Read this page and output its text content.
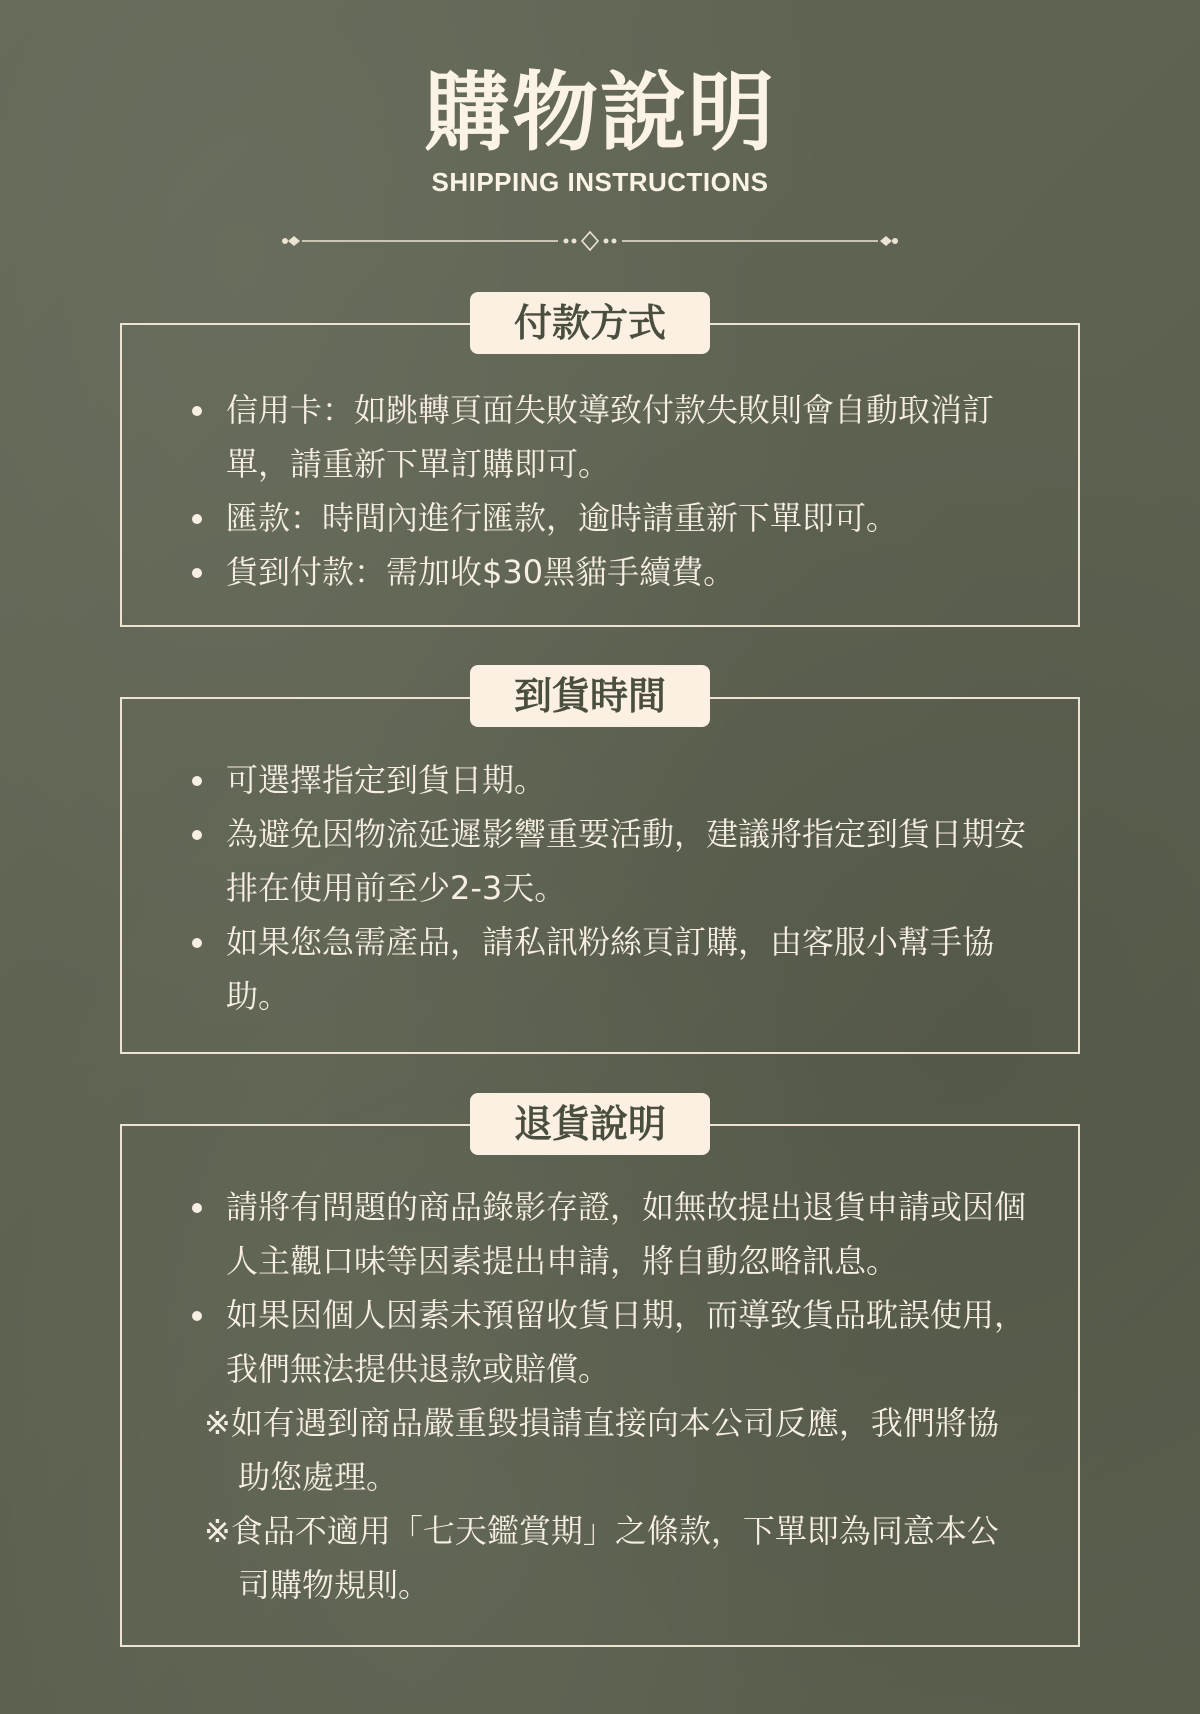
購物說明
SHIPPING INSTRUCTIONS
付款方式
信用卡：如跳轉頁面失敗導致付款失敗則會自動取消訂單，請重新下單訂購即可。
匯款：時間內進行匯款，逾時請重新下單即可。
貨到付款：需加收$30黑貓手續費。
到貨時間
可選擇指定到貨日期。
為避免因物流延遲影響重要活動，建議將指定到貨日期安排在使用前至少2-3天。
如果您急需產品，請私訊粉絲頁訂購，由客服小幫手協助。
退貨說明
請將有問題的商品錄影存證，如無故提出退貨申請或因個人主觀口味等因素提出申請，將自動忽略訊息。
如果因個人因素未預留收貨日期，而導致貨品耽誤使用，我們無法提供退款或賠償。
※如有遇到商品嚴重毀損請直接向本公司反應，我們將協助您處理。
※食品不適用「七天鑑賞期」之條款，下單即為同意本公司購物規則。
